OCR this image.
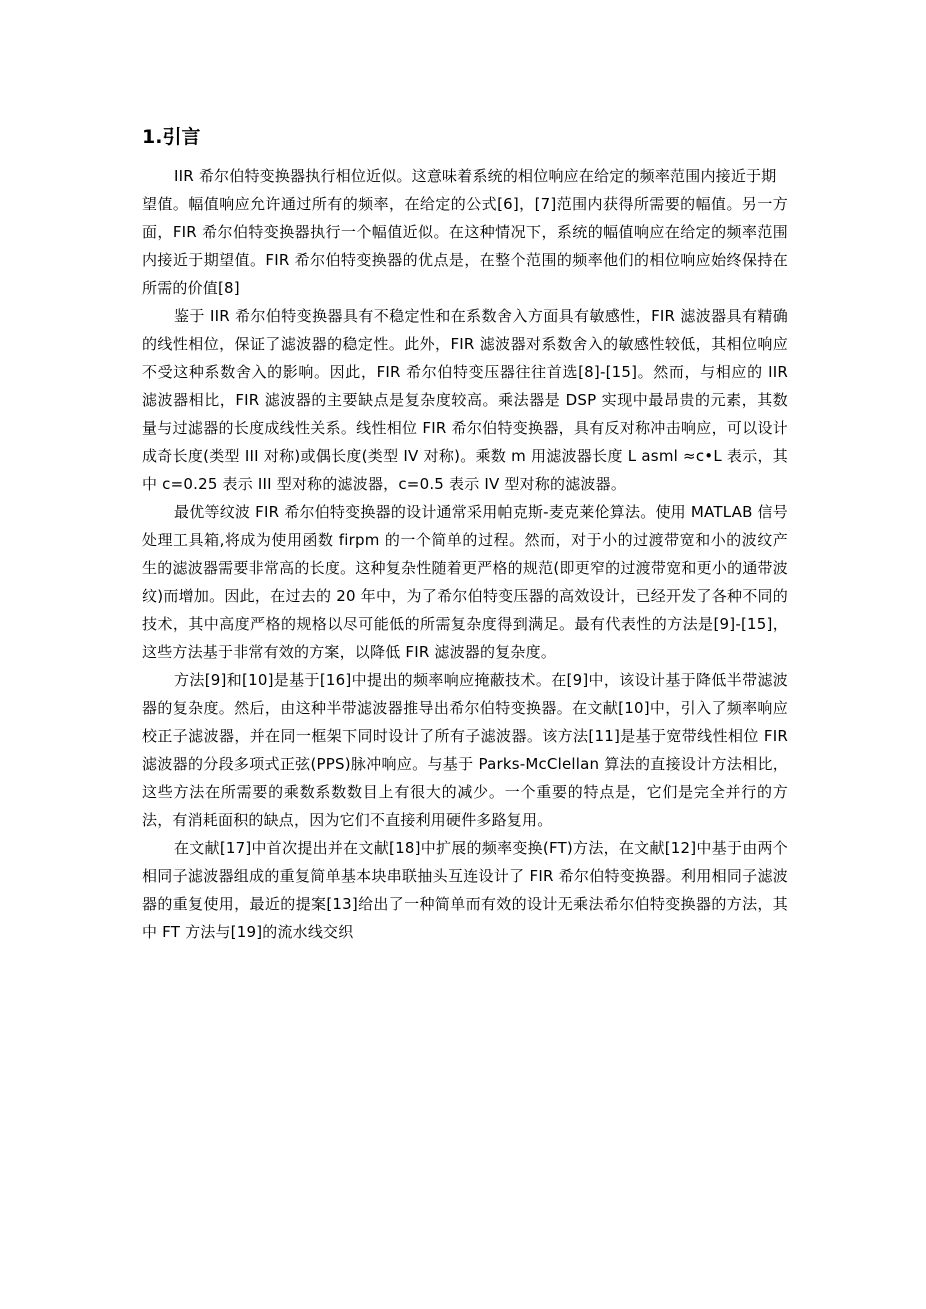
1.引言

IIR 希尔伯特变换器执行相位近似。这意味着系统的相位响应在给定的频率范围内接近于期

望值。幅值响应允许通过所有的频率，在给定的公式[6]，[7]范围内获得所需要的幅值。另一方面，FIR 希尔伯特变换器执行一个幅值近似。在这种情况下，系统的幅值响应在给定的频率范围内接近于期望值。FIR 希尔伯特变换器的优点是，在整个范围的频率他们的相位响应始终保持在所需的价值[8]

鉴于 IIR 希尔伯特变换器具有不稳定性和在系数舍入方面具有敏感性，FIR 滤波器具有精确的线性相位，保证了滤波器的稳定性。此外，FIR 滤波器对系数舍入的敏感性较低，其相位响应不受这种系数舍入的影响。因此，FIR 希尔伯特变压器往往首选[8]-[15]。然而，与相应的 IIR 滤波器相比，FIR 滤波器的主要缺点是复杂度较高。乘法器是 DSP 实现中最昂贵的元素，其数量与过滤器的长度成线性关系。线性相位 FIR 希尔伯特变换器，具有反对称冲击响应，可以设计成奇长度(类型 III 对称)或偶长度(类型 IV 对称)。乘数 m 用滤波器长度 L asml ≈c•L 表示，其中 c=0.25 表示 III 型对称的滤波器，c=0.5 表示 IV 型对称的滤波器。

最优等纹波 FIR 希尔伯特变换器的设计通常采用帕克斯-麦克莱伦算法。使用 MATLAB 信号处理工具箱,将成为使用函数 firpm 的一个简单的过程。然而，对于小的过渡带宽和小的波纹产生的滤波器需要非常高的长度。这种复杂性随着更严格的规范(即更窄的过渡带宽和更小的通带波纹)而增加。因此，在过去的 20 年中，为了希尔伯特变压器的高效设计，已经开发了各种不同的技术，其中高度严格的规格以尽可能低的所需复杂度得到满足。最有代表性的方法是[9]-[15]，这些方法基于非常有效的方案，以降低 FIR 滤波器的复杂度。

方法[9]和[10]是基于[16]中提出的频率响应掩蔽技术。在[9]中，该设计基于降低半带滤波器的复杂度。然后，由这种半带滤波器推导出希尔伯特变换器。在文献[10]中，引入了频率响应校正子滤波器，并在同一框架下同时设计了所有子滤波器。该方法[11]是基于宽带线性相位 FIR 滤波器的分段多项式正弦(PPS)脉冲响应。与基于 Parks-McClellan 算法的直接设计方法相比，这些方法在所需要的乘数系数数目上有很大的减少。一个重要的特点是，它们是完全并行的方法，有消耗面积的缺点，因为它们不直接利用硬件多路复用。

在文献[17]中首次提出并在文献[18]中扩展的频率变换(FT)方法，在文献[12]中基于由两个相同子滤波器组成的重复简单基本块串联抽头互连设计了 FIR 希尔伯特变换器。利用相同子滤波器的重复使用，最近的提案[13]给出了一种简单而有效的设计无乘法希尔伯特变换器的方法，其中 FT 方法与[19]的流水线交织
